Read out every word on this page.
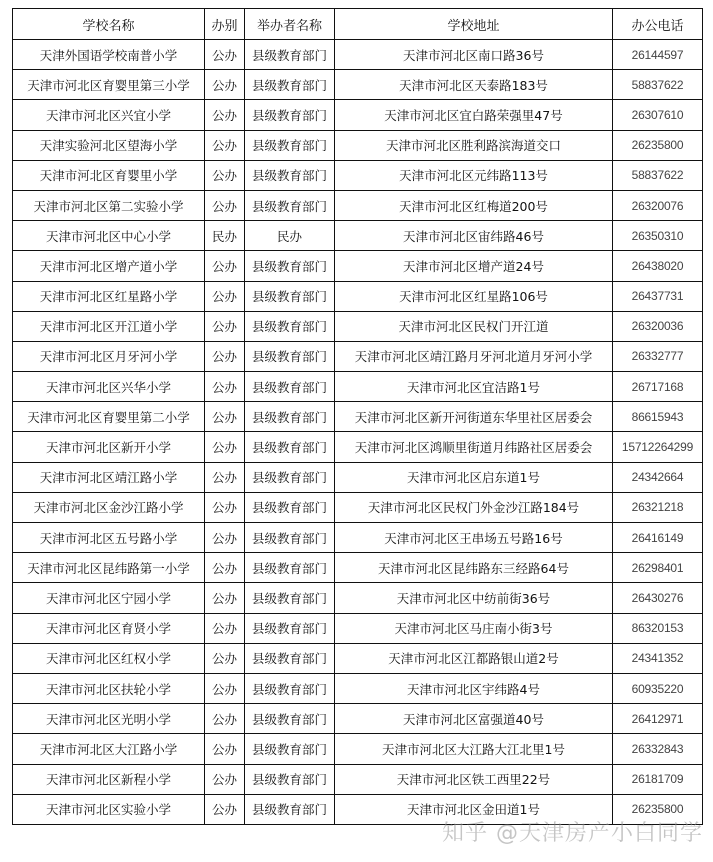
学校名称	办别	举办者名称	学校地址	办公电话
天津外国语学校南普小学	公办	县级教育部门	天津市河北区南口路36号	26144597
天津市河北区育婴里第三小学	公办	县级教育部门	天津市河北区天泰路183号	58837622
天津市河北区兴宜小学	公办	县级教育部门	天津市河北区宜白路荣强里47号	26307610
天津实验河北区望海小学	公办	县级教育部门	天津市河北区胜利路滨海道交口	26235800
天津市河北区育婴里小学	公办	县级教育部门	天津市河北区元纬路113号	58837622
天津市河北区第二实验小学	公办	县级教育部门	天津市河北区红梅道200号	26320076
天津市河北区中心小学	民办	民办	天津市河北区宙纬路46号	26350310
天津市河北区增产道小学	公办	县级教育部门	天津市河北区增产道24号	26438020
天津市河北区红星路小学	公办	县级教育部门	天津市河北区红星路106号	26437731
天津市河北区开江道小学	公办	县级教育部门	天津市河北区民权门开江道	26320036
天津市河北区月牙河小学	公办	县级教育部门	天津市河北区靖江路月牙河北道月牙河小学	26332777
天津市河北区兴华小学	公办	县级教育部门	天津市河北区宜洁路1号	26717168
天津市河北区育婴里第二小学	公办	县级教育部门	天津市河北区新开河街道东华里社区居委会	86615943
天津市河北区新开小学	公办	县级教育部门	天津市河北区鸿顺里街道月纬路社区居委会	15712264299
天津市河北区靖江路小学	公办	县级教育部门	天津市河北区启东道1号	24342664
天津市河北区金沙江路小学	公办	县级教育部门	天津市河北区民权门外金沙江路184号	26321218
天津市河北区五号路小学	公办	县级教育部门	天津市河北区王串场五号路16号	26416149
天津市河北区昆纬路第一小学	公办	县级教育部门	天津市河北区昆纬路东三经路64号	26298401
天津市河北区宁园小学	公办	县级教育部门	天津市河北区中纺前街36号	26430276
天津市河北区育贤小学	公办	县级教育部门	天津市河北区马庄南小街3号	86320153
天津市河北区红权小学	公办	县级教育部门	天津市河北区江都路银山道2号	24341352
天津市河北区扶轮小学	公办	县级教育部门	天津市河北区宇纬路4号	60935220
天津市河北区光明小学	公办	县级教育部门	天津市河北区富强道40号	26412971
天津市河北区大江路小学	公办	县级教育部门	天津市河北区大江路大江北里1号	26332843
天津市河北区新程小学	公办	县级教育部门	天津市河北区铁工西里22号	26181709
天津市河北区实验小学	公办	县级教育部门	天津市河北区金田道1号	26235800
知乎 @天津房产小白同学
